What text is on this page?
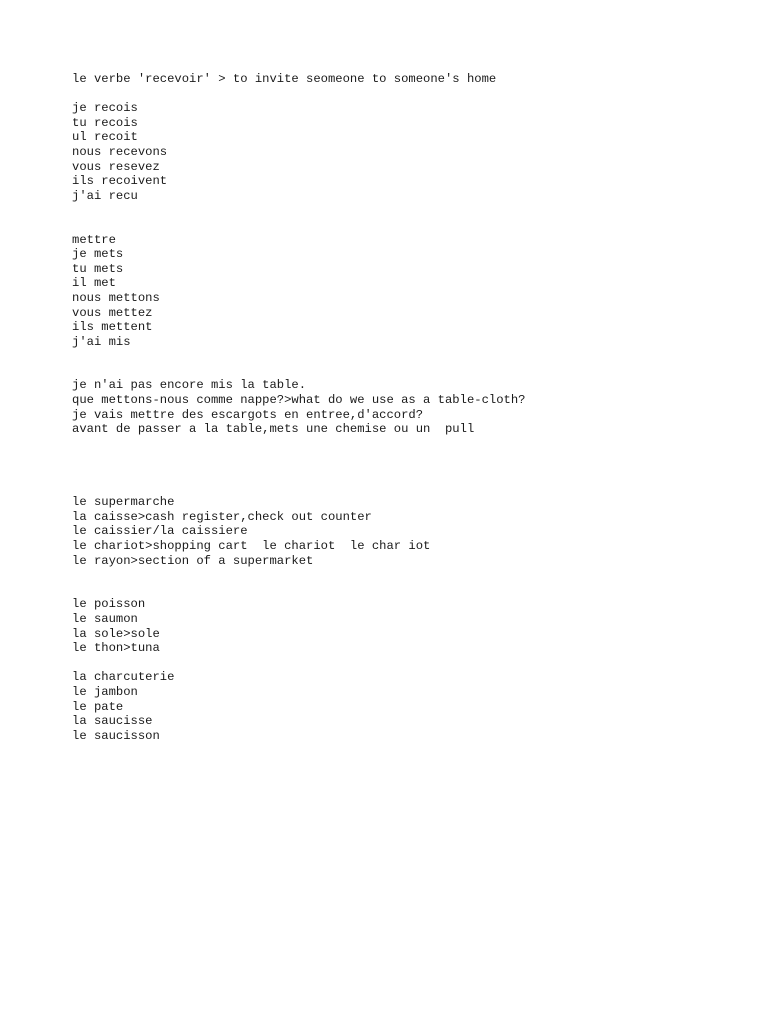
le verbe 'recevoir' > to invite seomeone to someone's home
je recois
tu recois
ul recoit
nous recevons
vous resevez
ils recoivent
j'ai recu
mettre
je mets
tu mets
il met
nous mettons
vous mettez
ils mettent
j'ai mis
je n'ai pas encore mis la table.
que mettons-nous comme nappe?>what do we use as a table-cloth?
je vais mettre des escargots en entree,d'accord?
avant de passer a la table,mets une chemise ou un  pull
le supermarche
la caisse>cash register,check out counter
le caissier/la caissiere
le chariot>shopping cart  le chariot  le char iot
le rayon>section of a supermarket
le poisson
le saumon
la sole>sole
le thon>tuna
la charcuterie
le jambon
le pate
la saucisse
le saucisson
